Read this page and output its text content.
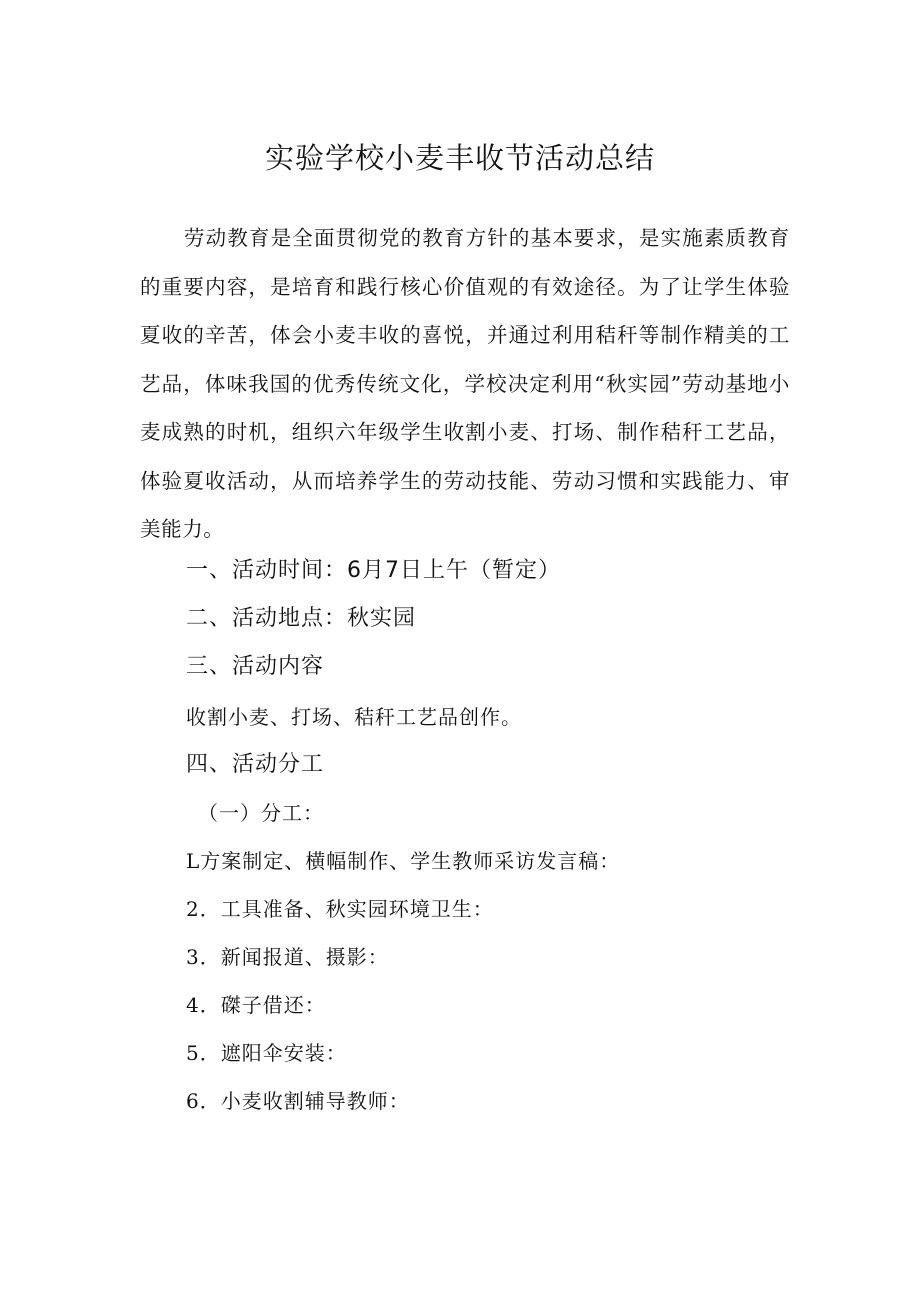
实验学校小麦丰收节活动总结

劳动教育是全面贯彻党的教育方针的基本要求，是实施素质教育的重要内容，是培育和践行核心价值观的有效途径。为了让学生体验夏收的辛苦，体会小麦丰收的喜悦，并通过利用秸秆等制作精美的工艺品，体味我国的优秀传统文化，学校决定利用“秋实园”劳动基地小麦成熟的时机，组织六年级学生收割小麦、打场、制作秸秆工艺品，体验夏收活动，从而培养学生的劳动技能、劳动习惯和实践能力、审美能力。

一、活动时间：6月7日上午（暂定）

二、活动地点：秋实园

三、活动内容

收割小麦、打场、秸秆工艺品创作。

四、活动分工

（一）分工：

L方案制定、横幅制作、学生教师采访发言稿：

2．工具准备、秋实园环境卫生：

3．新闻报道、摄影：

4．磔子借还：

5．遮阳伞安装：

6．小麦收割辅导教师：
